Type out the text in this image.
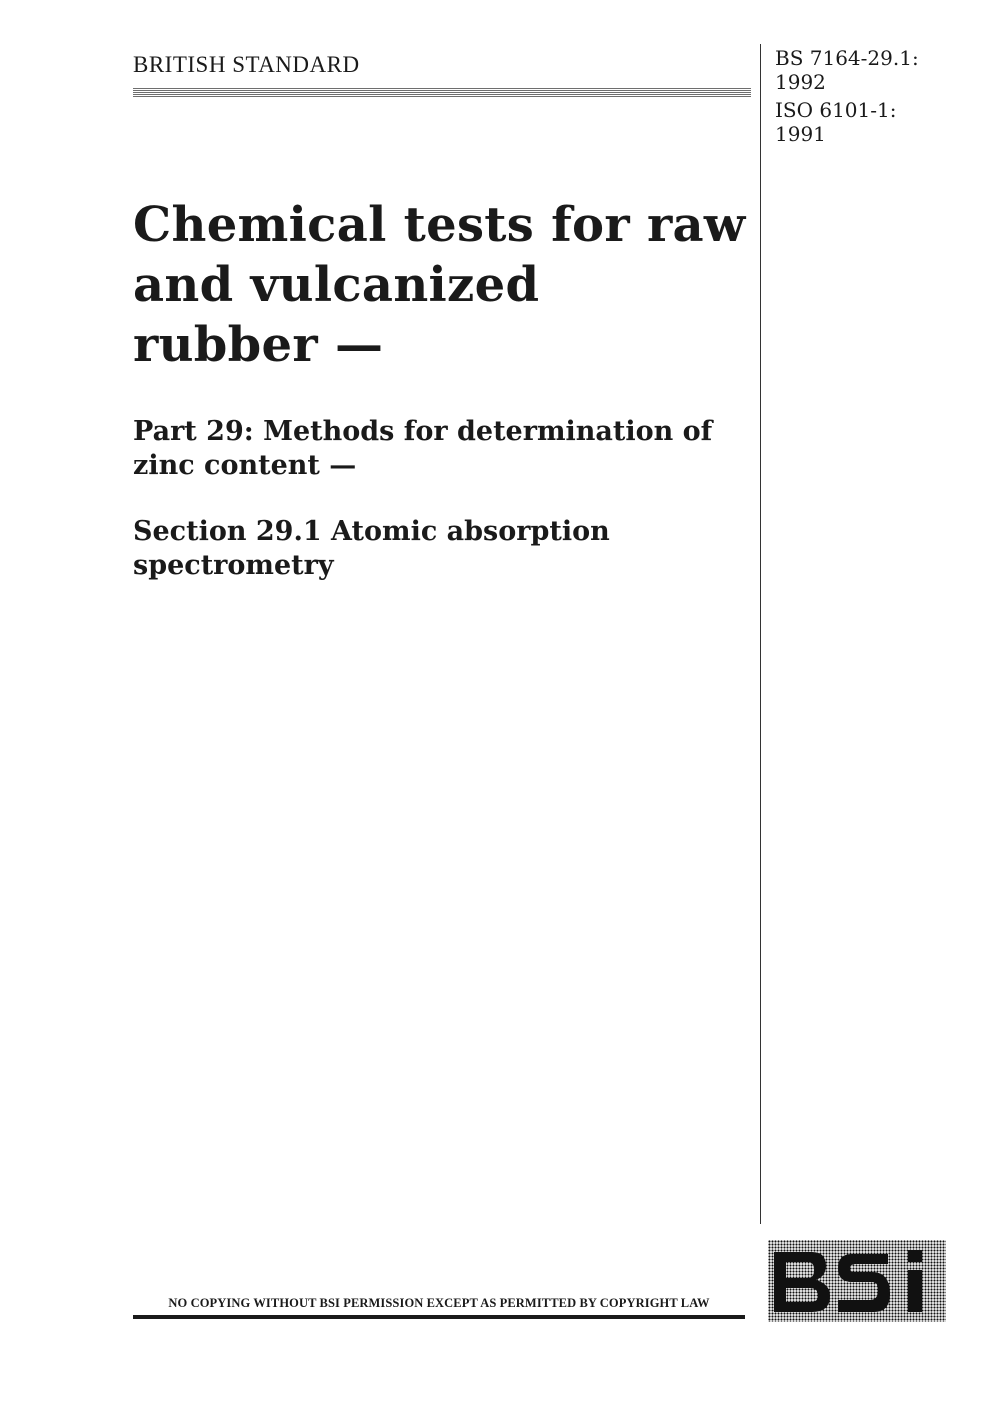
BRITISH STANDARD	BS 7164-29.1:
1992
ISO 6101-1:
1991
Chemical tests for raw
and vulcanized
rubber —
Part 29: Methods for determination of
zinc content —
Section 29.1 Atomic absorption
spectrometry
NO COPYING WITHOUT BSI PERMISSION EXCEPT AS PERMITTED BY COPYRIGHT LAW
